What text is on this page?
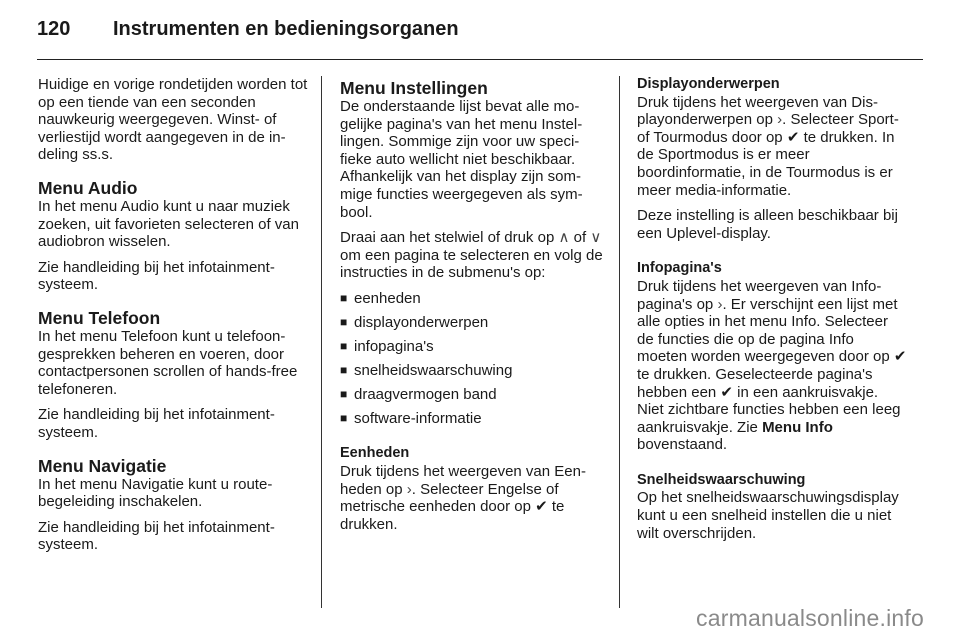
120 Instrumenten en bedieningsorganen

Huidige en vorige rondetijden worden tot op een tiende van een seconden nauwkeurig weergegeven. Winst- of verliestijd wordt aangegeven in de indeling ss.s.

Menu Audio

In het menu Audio kunt u naar muziek zoeken, uit favorieten selecteren of van audiobron wisselen.

Zie handleiding bij het infotainmentsysteem.

Menu Telefoon

In het menu Telefoon kunt u telefoongesprekken beheren en voeren, door contactpersonen scrollen of hands-free telefoneren.

Zie handleiding bij het infotainmentsysteem.

Menu Navigatie

In het menu Navigatie kunt u routebegeleiding inschakelen.

Zie handleiding bij het infotainmentsysteem.

Menu Instellingen

De onderstaande lijst bevat alle mogelijke pagina's van het menu Instellingen. Sommige zijn voor uw specifieke auto wellicht niet beschikbaar. Afhankelijk van het display zijn sommige functies weergegeven als symbool.

Draai aan het stelwiel of druk op ∧ of ∨ om een pagina te selecteren en volg de instructies in de submenu's op:

■ eenheden
■ displayonderwerpen
■ infopagina's
■ snelheidswaarschuwing
■ draagvermogen band
■ software-informatie
Eenheden

Druk tijdens het weergeven van Eenheden op ›. Selecteer Engelse of metrische eenheden door op ✔ te drukken.

Displayonderwerpen

Druk tijdens het weergeven van Displayonderwerpen op ›. Selecteer Sport- of Tourmodus door op ✔ te drukken. In de Sportmodus is er meer boordinformatie, in de Tourmodus is er meer media-informatie.

Deze instelling is alleen beschikbaar bij een Uplevel-display.

Infopagina's

Druk tijdens het weergeven van Infopagina's op ›. Er verschijnt een lijst met alle opties in het menu Info. Selecteer de functies die op de pagina Info moeten worden weergegeven door op ✔ te drukken. Geselecteerde pagina's hebben een ✔ in een aankruisvakje. Niet zichtbare functies hebben een leeg aankruisvakje. Zie Menu Info bovenstaand.

Snelheidswaarschuwing

Op het snelheidswaarschuwingsdisplay kunt u een snelheid instellen die u niet wilt overschrijden.

carmanualsonline.info
